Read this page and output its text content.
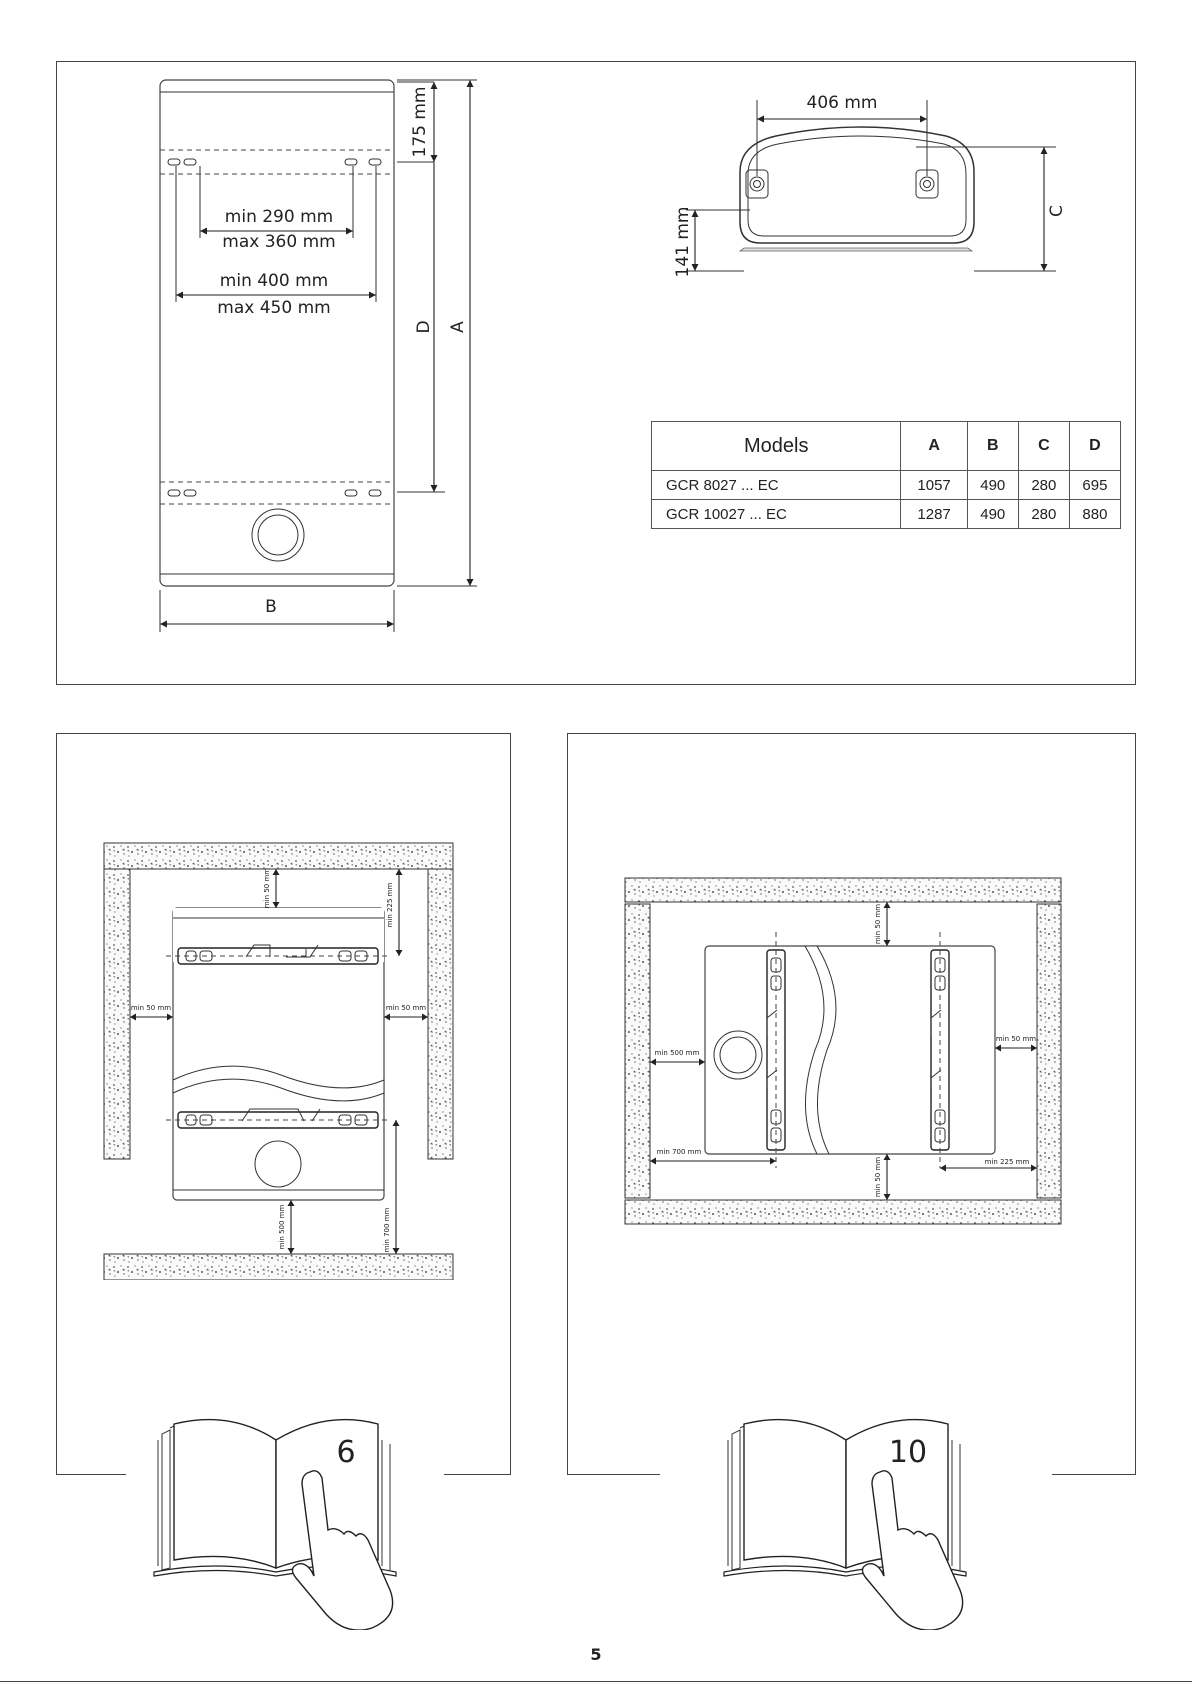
min 290 mm
max 360 mm
min 400 mm
max 450 mm
175 mm
D A
B
406 mm
141 mm	C
Models	A	B	C	D
GCR 8027 ... EC	1057	490	280	695
GCR 10027 ... EC	1287	490	280	880
min 50 mm	min 225 mm
min 50 mm	min 50 mm
min 500 mm	min 700 mm
min 50 mm
min 50 mm
min 500 mm
min 700 mm
min 50 mm	min 225 mm
6	10
5
